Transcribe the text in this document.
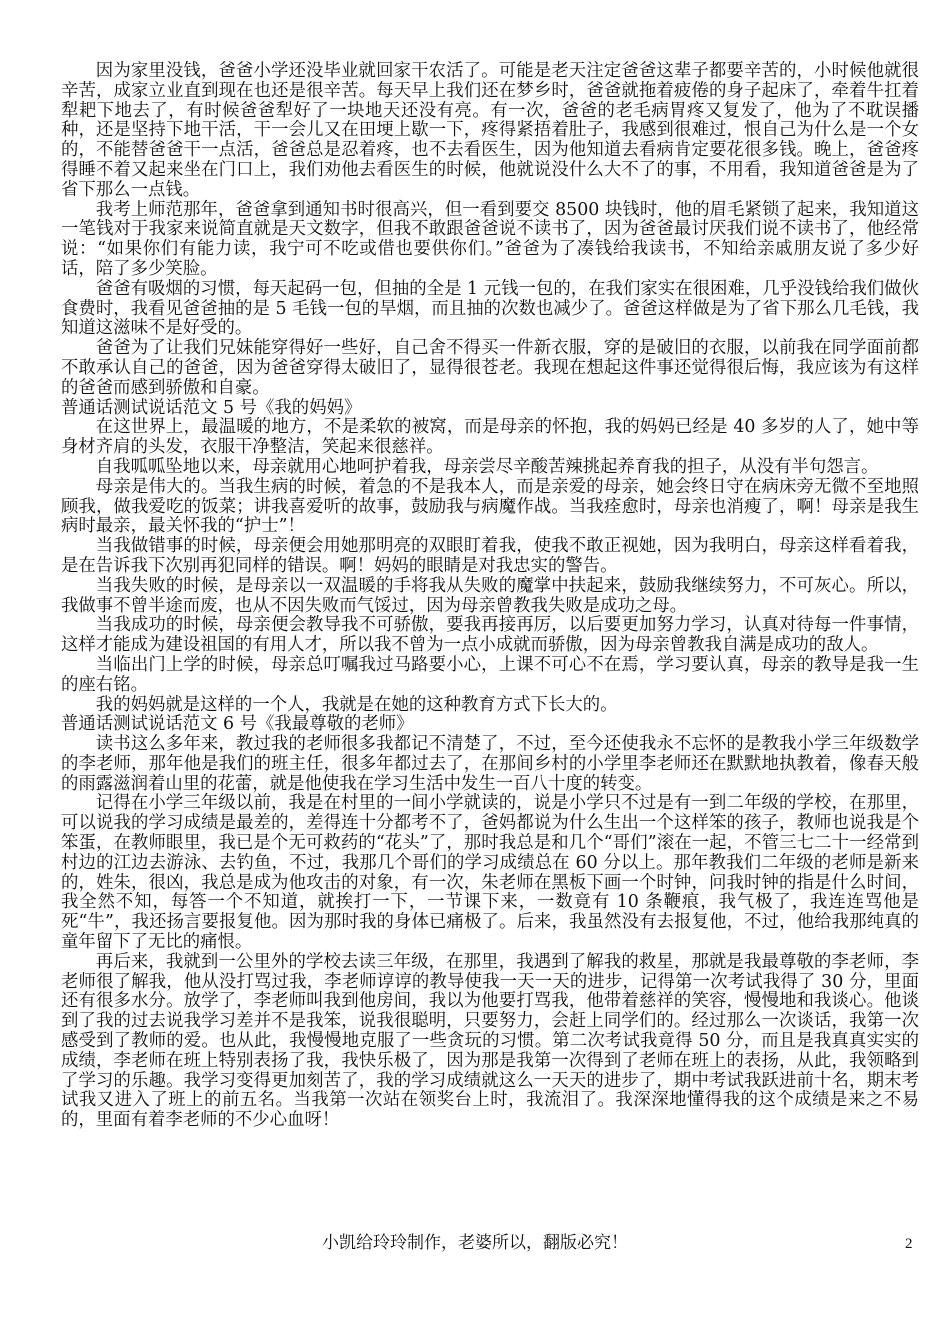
因为家里没钱，爸爸小学还没毕业就回家干农活了。可能是老天注定爸爸这辈子都要辛苦的，小时候他就很辛苦，成家立业直到现在也还是很辛苦。每天早上我们还在梦乡时，爸爸就拖着疲倦的身子起床了，牵着牛扛着犁耙下地去了，有时候爸爸犁好了一块地天还没有亮。有一次，爸爸的老毛病胃疼又复发了，他为了不耽误播种，还是坚持下地干活，干一会儿又在田埂上歇一下，疼得紧捂着肚子，我感到很难过，恨自己为什么是一个女的，不能替爸爸干一点活，爸爸总是忍着疼，也不去看医生，因为他知道去看病肯定要花很多钱。晚上，爸爸疼得睡不着又起来坐在门口上，我们劝他去看医生的时候，他就说没什么大不了的事，不用看，我知道爸爸是为了省下那么一点钱。

我考上师范那年，爸爸拿到通知书时很高兴，但一看到要交 8500 块钱时，他的眉毛紧锁了起来，我知道这一笔钱对于我家来说简直就是天文数字，但我不敢跟爸爸说不读书了，因为爸爸最讨厌我们说不读书了，他经常说：“如果你们有能力读，我宁可不吃或借也要供你们。”爸爸为了凑钱给我读书，不知给亲戚朋友说了多少好话，陪了多少笑脸。

爸爸有吸烟的习惯，每天起码一包，但抽的全是 1 元钱一包的，在我们家实在很困难，几乎没钱给我们做伙食费时，我看见爸爸抽的是 5 毛钱一包的旱烟，而且抽的次数也减少了。爸爸这样做是为了省下那么几毛钱，我知道这滋味不是好受的。

爸爸为了让我们兄妹能穿得好一些好，自己舍不得买一件新衣服，穿的是破旧的衣服，以前我在同学面前都不敢承认自己的爸爸，因为爸爸穿得太破旧了，显得很苍老。我现在想起这件事还觉得很后悔，我应该为有这样的爸爸而感到骄傲和自豪。

普通话测试说话范文 5 号《我的妈妈》

在这世界上，最温暖的地方，不是柔软的被窝，而是母亲的怀抱，我的妈妈已经是 40 多岁的人了，她中等身材齐肩的头发，衣服干净整洁，笑起来很慈祥。

自我呱呱坠地以来，母亲就用心地呵护着我，母亲尝尽辛酸苦辣挑起养育我的担子，从没有半句怨言。

母亲是伟大的。当我生病的时候，着急的不是我本人，而是亲爱的母亲，她会终日守在病床旁无微不至地照顾我，做我爱吃的饭菜；讲我喜爱听的故事，鼓励我与病魔作战。当我痊愈时，母亲也消瘦了，啊！母亲是我生病时最亲，最关怀我的“护士”！

当我做错事的时候，母亲便会用她那明亮的双眼盯着我，使我不敢正视她，因为我明白，母亲这样看着我，是在告诉我下次别再犯同样的错误。啊！妈妈的眼睛是对我忠实的警告。

当我失败的时候，是母亲以一双温暖的手将我从失败的魔掌中扶起来，鼓励我继续努力，不可灰心。所以，我做事不曾半途而废，也从不因失败而气馁过，因为母亲曾教我失败是成功之母。

当我成功的时候，母亲便会教导我不可骄傲，要我再接再厉，以后要更加努力学习，认真对待每一件事情，这样才能成为建设祖国的有用人才，所以我不曾为一点小成就而骄傲，因为母亲曾教我自满是成功的敌人。

当临出门上学的时候，母亲总叮嘱我过马路要小心，上课不可心不在焉，学习要认真，母亲的教导是我一生的座右铭。

我的妈妈就是这样的一个人，我就是在她的这种教育方式下长大的。

普通话测试说话范文 6 号《我最尊敬的老师》

读书这么多年来，教过我的老师很多我都记不清楚了，不过，至今还使我永不忘怀的是教我小学三年级数学的李老师，那年他是我们的班主任，很多年都过去了，在那间乡村的小学里李老师还在默默地执教着，像春天般的雨露滋润着山里的花蕾，就是他使我在学习生活中发生一百八十度的转变。

记得在小学三年级以前，我是在村里的一间小学就读的，说是小学只不过是有一到二年级的学校，在那里，可以说我的学习成绩是最差的，差得连十分都考不了，爸妈都说为什么生出一个这样笨的孩子，教师也说我是个笨蛋，在教师眼里，我已是个无可救药的“花头”了，那时我总是和几个“哥们”滚在一起，不管三七二十一经常到村边的江边去游泳、去钓鱼，不过，我那几个哥们的学习成绩总在 60 分以上。那年教我们二年级的老师是新来的，姓朱，很凶，我总是成为他攻击的对象，有一次，朱老师在黑板下画一个时钟，问我时钟的指是什么时间，我全然不知，每答一个不知道，就挨打一下，一节课下来，一数竟有 10 条鞭痕，我气极了，我连连骂他是死“牛”，我还扬言要报复他。因为那时我的身体已痛极了。后来，我虽然没有去报复他，不过，他给我那纯真的童年留下了无比的痛恨。

再后来，我就到一公里外的学校去读三年级，在那里，我遇到了解我的救星，那就是我最尊敬的李老师，李老师很了解我，他从没打骂过我，李老师谆谆的教导使我一天一天的进步，记得第一次考试我得了 30 分，里面还有很多水分。放学了，李老师叫我到他房间，我以为他要打骂我，他带着慈祥的笑容，慢慢地和我谈心。他谈到了我的过去说我学习差并不是我笨，说我很聪明，只要努力，会赶上同学们的。经过那么一次谈话，我第一次感受到了教师的爱。也从此，我慢慢地克服了一些贪玩的习惯。第二次考试我竟得 50 分，而且是我真真实实的成绩，李老师在班上特别表扬了我，我快乐极了，因为那是我第一次得到了老师在班上的表扬，从此，我领略到了学习的乐趣。我学习变得更加刻苦了，我的学习成绩就这么一天天的进步了，期中考试我跃进前十名，期末考试我又进入了班上的前五名。当我第一次站在领奖台上时，我流泪了。我深深地懂得我的这个成绩是来之不易的，里面有着李老师的不少心血呀！

小凯给玲玲制作，老婆所以，翻版必究！	2
